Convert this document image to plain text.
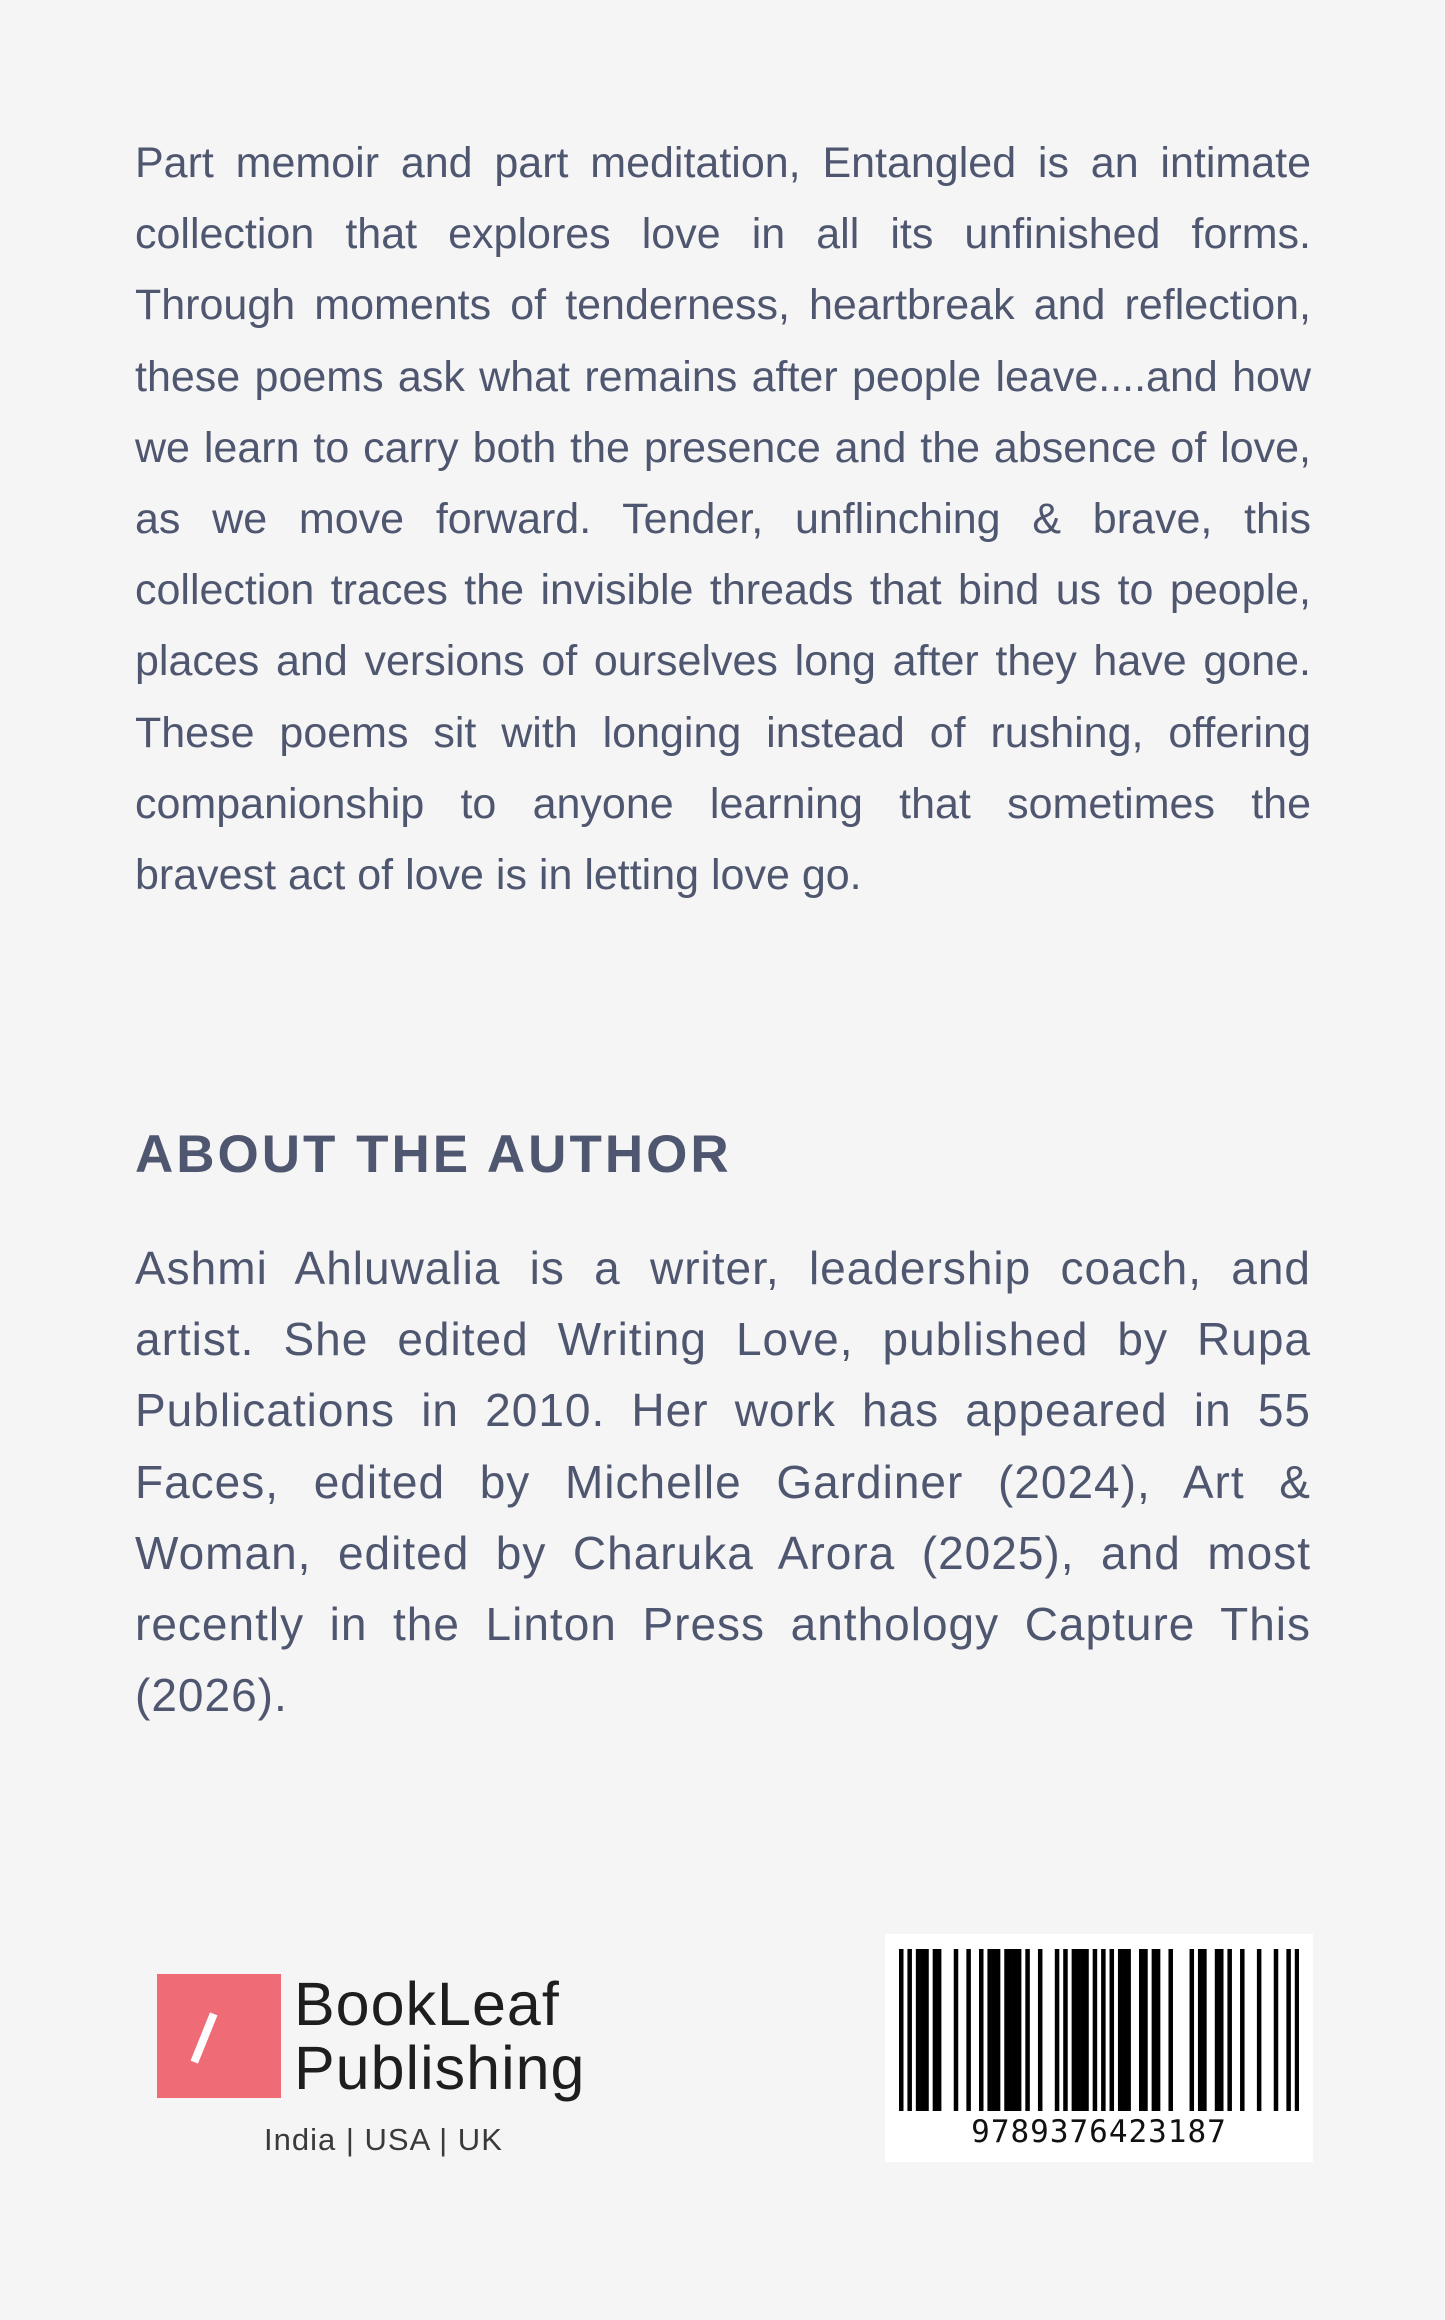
Part memoir and part meditation, Entangled is an intimate collection that explores love in all its unfinished forms. Through moments of tenderness, heartbreak and reflection, these poems ask what remains after people leave....and how we learn to carry both the presence and the absence of love, as we move forward. Tender, unflinching & brave, this collection traces the invisible threads that bind us to people, places and versions of ourselves long after they have gone. These poems sit with longing instead of rushing, offering companionship to anyone learning that sometimes the bravest act of love is in letting love go.

ABOUT THE AUTHOR

Ashmi Ahluwalia is a writer, leadership coach, and artist. She edited Writing Love, published by Rupa Publications in 2010. Her work has appeared in 55 Faces, edited by Michelle Gardiner (2024), Art & Woman, edited by Charuka Arora (2025), and most recently in the Linton Press anthology Capture This (2026).

BookLeaf
Publishing
India | USA | UK	9789376423187
